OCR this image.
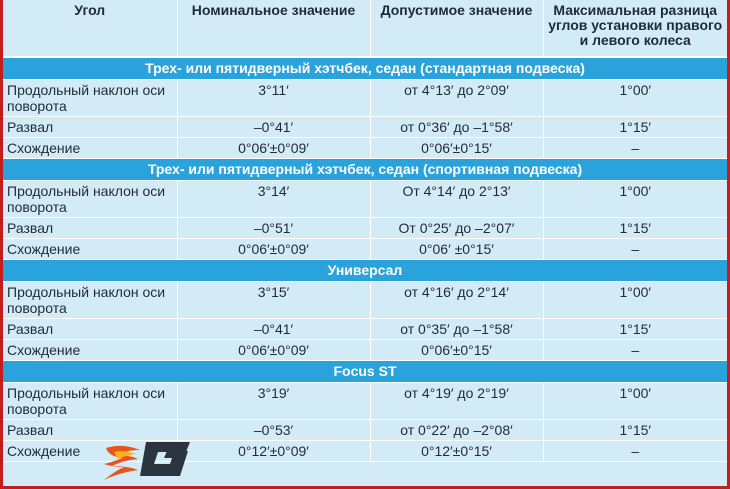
Угол	Номинальное значение	Допустимое значение	Максимальная разница углов установки правого и левого колеса
Трех- или пятидверный хэтчбек, седан (стандартная подвеска)			
Продольный наклон оси поворота	3°11′	от 4°13′ до 2°09′	1°00′
Развал	–0°41′	от 0°36′ до –1°58′	1°15′
Схождение	0°06′±0°09′	0°06′±0°15′	–
Трех- или пятидверный хэтчбек, седан (спортивная подвеска)			
Продольный наклон оси поворота	3°14′	От 4°14′ до 2°13′	1°00′
Развал	–0°51′	От 0°25′ до –2°07′	1°15′
Схождение	0°06′±0°09′	0°06′ ±0°15′	–
Универсал			
Продольный наклон оси поворота	3°15′	от 4°16′ до 2°14′	1°00′
Развал	–0°41′	от 0°35′ до –1°58′	1°15′
Схождение	0°06′±0°09′	0°06′±0°15′	–
Focus ST			
Продольный наклон оси поворота	3°19′	от 4°19′ до 2°19′	1°00′
Развал	–0°53′	от 0°22′ до –2°08′	1°15′
Схождение	0°12′±0°09′	0°12′±0°15′	–
